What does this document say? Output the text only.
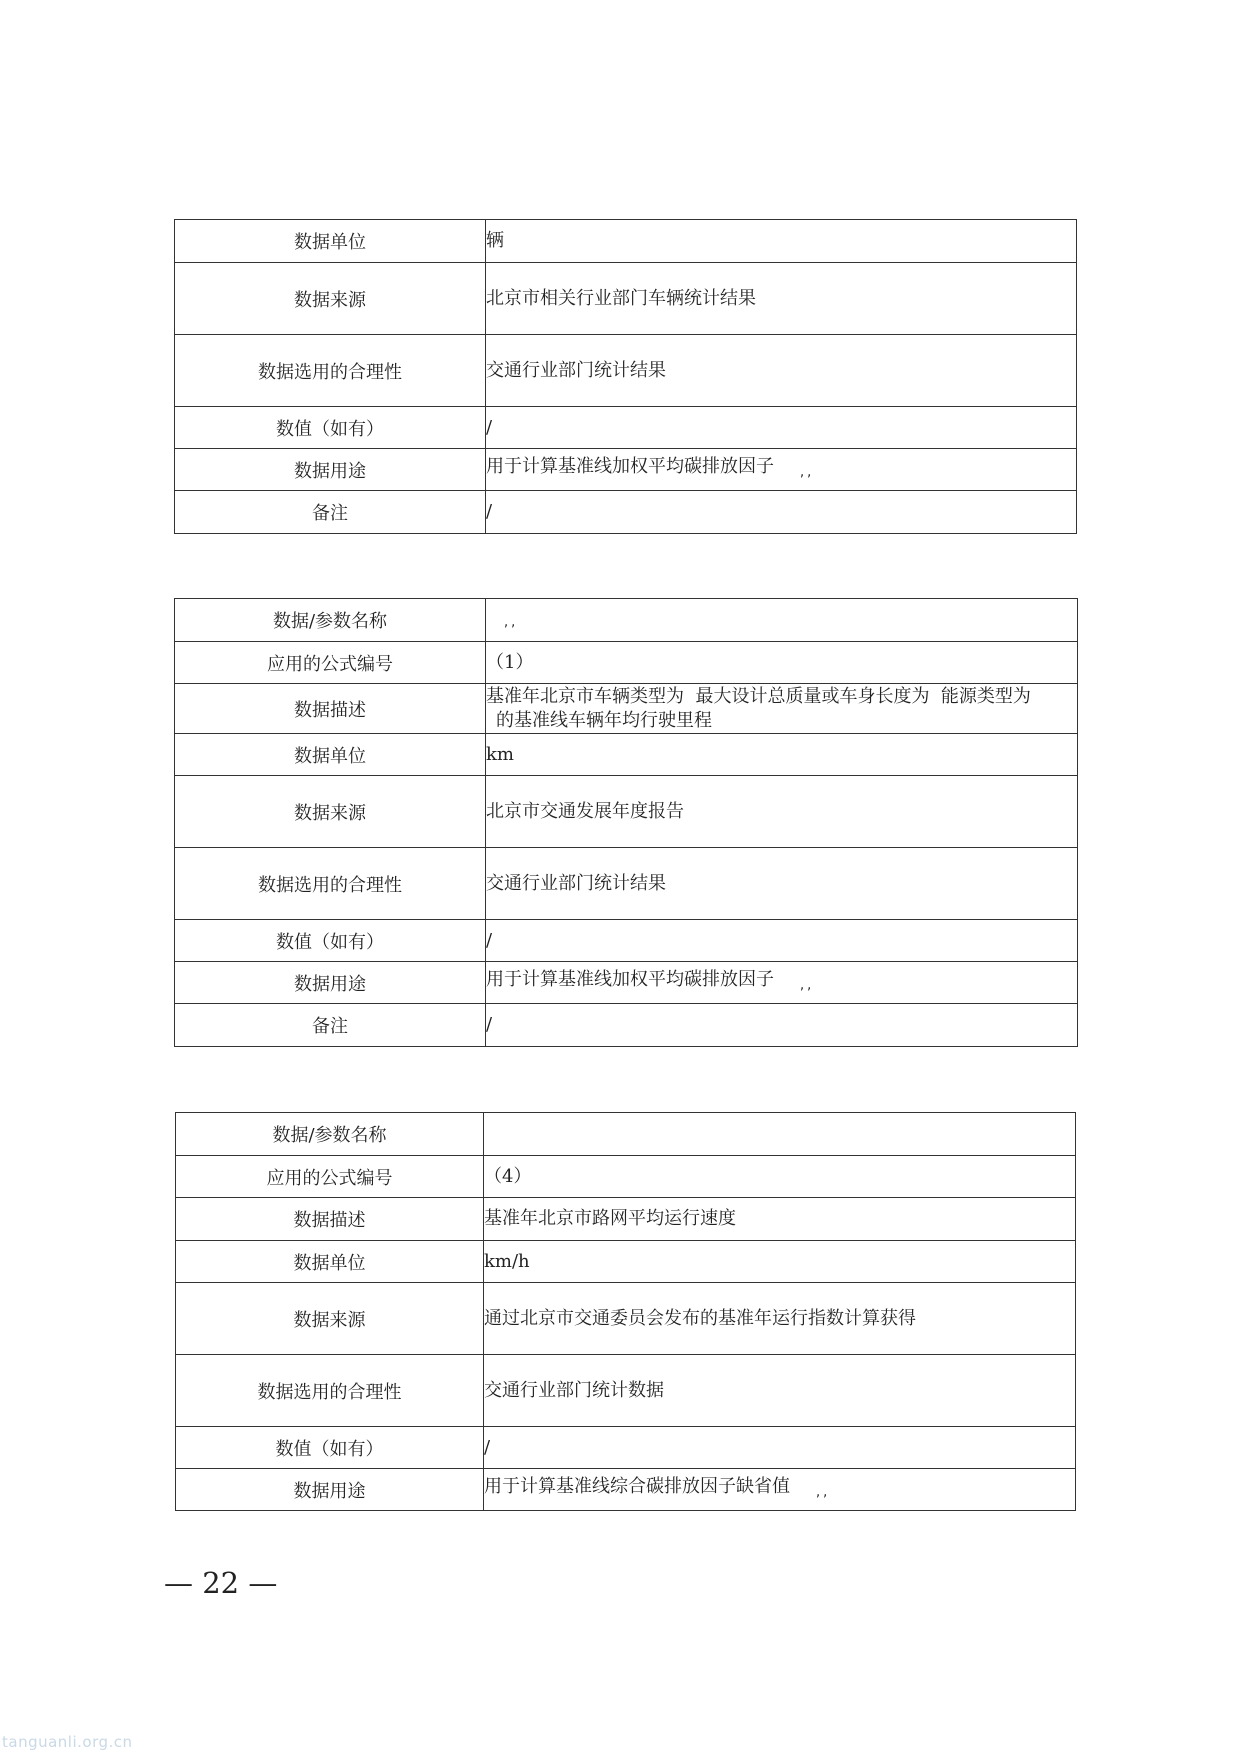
数据单位	辆
数据来源	北京市相关行业部门车辆统计结果
数据选用的合理性	交通行业部门统计结果
数值（如有）	/
数据用途	用于计算基准线加权平均碳排放因子 $_{,,}$
备注	/
数据/参数名称	$_{,,}$
应用的公式编号	（1）
数据描述	基准年北京市车辆类型为  最大设计总质量或车身长度为  能源类型为
的基准线车辆年均行驶里程

数据单位	km
数据来源	北京市交通发展年度报告
数据选用的合理性	交通行业部门统计结果
数值（如有）	/
数据用途	用于计算基准线加权平均碳排放因子 $_{,,}$
备注	/
数据/参数名称	
应用的公式编号	（4）
数据描述	基准年北京市路网平均运行速度
数据单位	km/h
数据来源	通过北京市交通委员会发布的基准年运行指数计算获得
数据选用的合理性	交通行业部门统计数据
数值（如有）	/
数据用途	用于计算基准线综合碳排放因子缺省值 $_{,,}$
— 22 —
tanguanli.org.cn
